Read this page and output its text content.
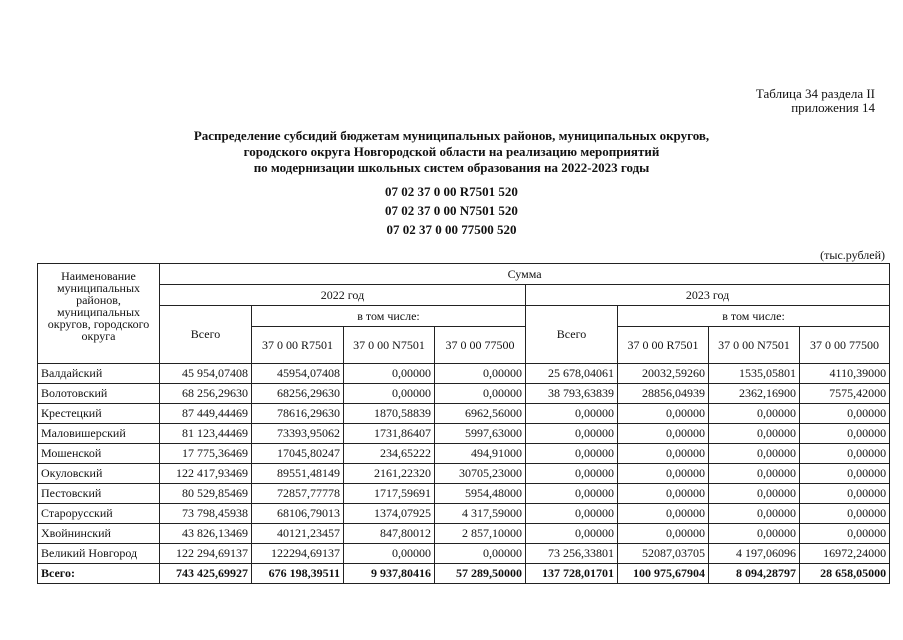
Таблица 34 раздела II
приложения 14
Распределение субсидий бюджетам муниципальных районов, муниципальных округов,
городского округа Новгородской области на реализацию мероприятий
по модернизации школьных систем образования на 2022-2023 годы
07 02 37 0 00 R7501 520
07 02 37 0 00 N7501 520
07 02 37 0 00 77500 520
(тыс.рублей)
Наименование муниципальных районов, муниципальных округов, городского округа	Сумма							
	2022 год				2023 год			
	Всего	в том числе:			Всего	в том числе:		
		37 0 00 R7501	37 0 00 N7501	37 0 00 77500		37 0 00 R7501	37 0 00 N7501	37 0 00 77500
Валдайский	45 954,07408	45954,07408	0,00000	0,00000	25 678,04061	20032,59260	1535,05801	4110,39000
Волотовский	68 256,29630	68256,29630	0,00000	0,00000	38 793,63839	28856,04939	2362,16900	7575,42000
Крестецкий	87 449,44469	78616,29630	1870,58839	6962,56000	0,00000	0,00000	0,00000	0,00000
Маловишерский	81 123,44469	73393,95062	1731,86407	5997,63000	0,00000	0,00000	0,00000	0,00000
Мошенской	17 775,36469	17045,80247	234,65222	494,91000	0,00000	0,00000	0,00000	0,00000
Окуловский	122 417,93469	89551,48149	2161,22320	30705,23000	0,00000	0,00000	0,00000	0,00000
Пестовский	80 529,85469	72857,77778	1717,59691	5954,48000	0,00000	0,00000	0,00000	0,00000
Старорусский	73 798,45938	68106,79013	1374,07925	4 317,59000	0,00000	0,00000	0,00000	0,00000
Хвойнинский	43 826,13469	40121,23457	847,80012	2 857,10000	0,00000	0,00000	0,00000	0,00000
Великий Новгород	122 294,69137	122294,69137	0,00000	0,00000	73 256,33801	52087,03705	4 197,06096	16972,24000
Всего:	743 425,69927	676 198,39511	9 937,80416	57 289,50000	137 728,01701	100 975,67904	8 094,28797	28 658,05000
